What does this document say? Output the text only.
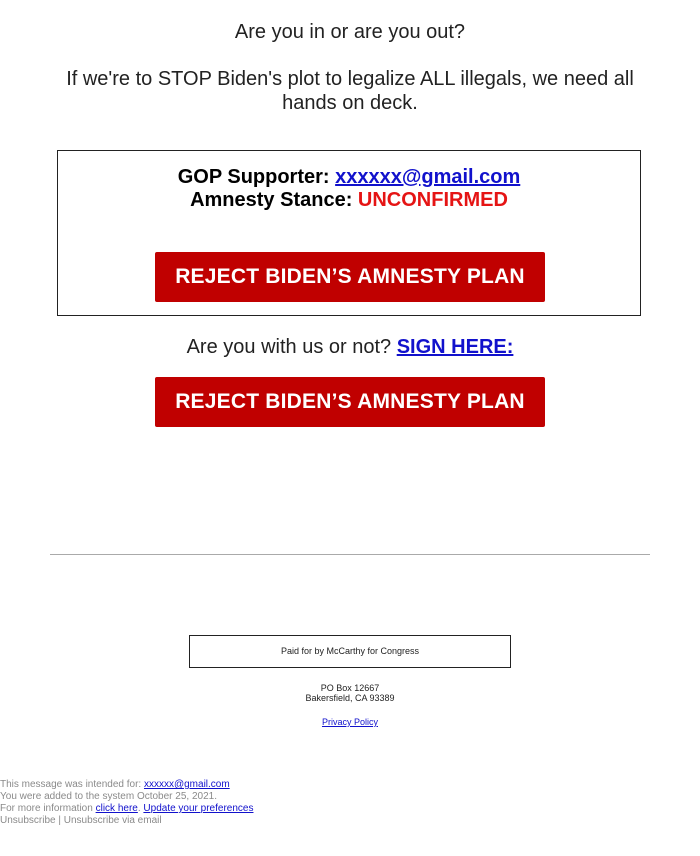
Are you in or are you out?
If we're to STOP Biden's plot to legalize ALL illegals, we need all hands on deck.
GOP Supporter: xxxxxx@gmail.com
Amnesty Stance: UNCONFIRMED
REJECT BIDEN’S AMNESTY PLAN
Are you with us or not? SIGN HERE:
REJECT BIDEN’S AMNESTY PLAN
Paid for by McCarthy for Congress
PO Box 12667
Bakersfield, CA 93389
Privacy Policy
This message was intended for: xxxxxx@gmail.com
You were added to the system October 25, 2021.
For more information click here. Update your preferences
Unsubscribe | Unsubscribe via email
